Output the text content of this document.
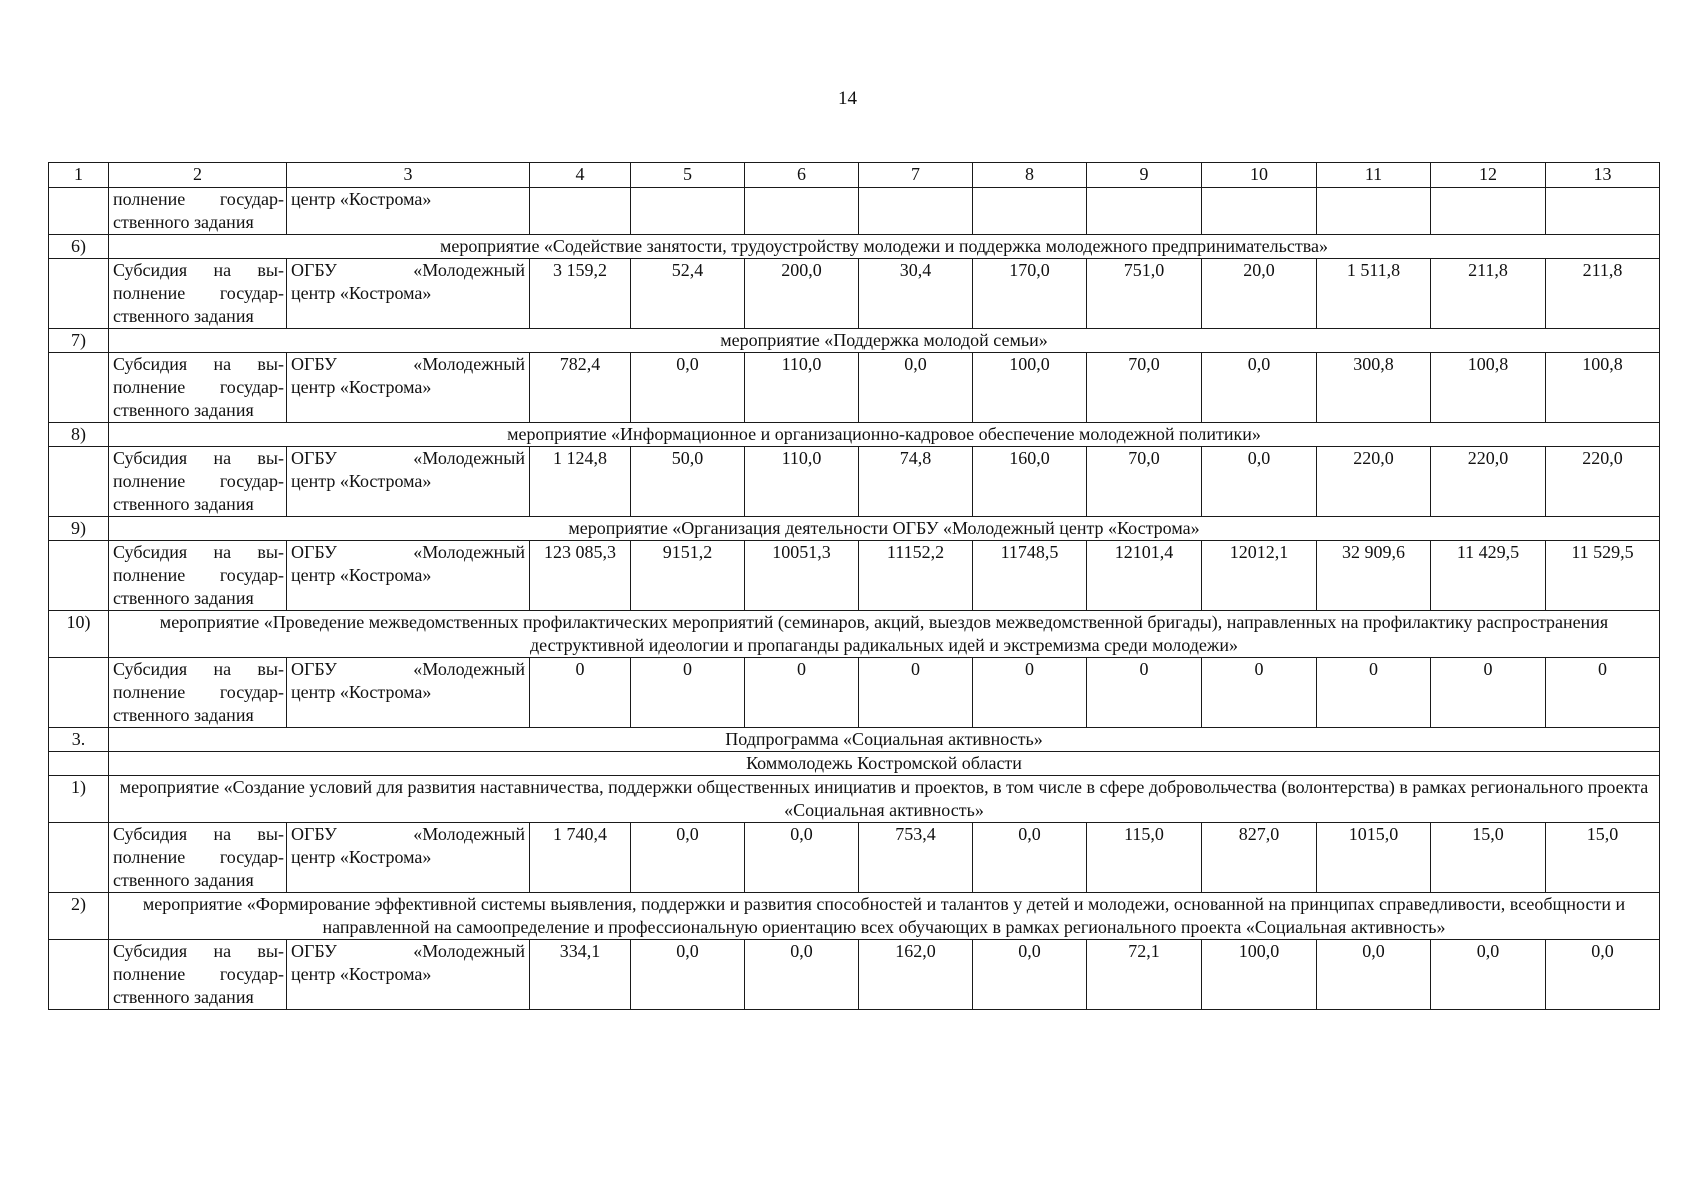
14
1	2	3	4	5	6	7	8	9	10	11	12	13

	полнение государ-
ственного задания	центр «Кострома»										
6)	мероприятие «Содействие занятости, трудоустройству молодежи и поддержка молодежного предпринимательства»											

	Субсидия на вы-
полнение государ-
ственного задания	ОГБУ «Молодежный
центр «Кострома»	3 159,2	52,4	200,0	30,4	170,0	751,0	20,0	1 511,8	211,8	211,8
7)	мероприятие «Поддержка молодой семьи»											

	Субсидия на вы-
полнение государ-
ственного задания	ОГБУ «Молодежный
центр «Кострома»	782,4	0,0	110,0	0,0	100,0	70,0	0,0	300,8	100,8	100,8
8)	мероприятие «Информационное и организационно-кадровое обеспечение молодежной политики»											

	Субсидия на вы-
полнение государ-
ственного задания	ОГБУ «Молодежный
центр «Кострома»	1 124,8	50,0	110,0	74,8	160,0	70,0	0,0	220,0	220,0	220,0
9)	мероприятие «Организация деятельности ОГБУ «Молодежный центр «Кострома»											

	Субсидия на вы-
полнение государ-
ственного задания	ОГБУ «Молодежный
центр «Кострома»	123 085,3	9151,2	10051,3	11152,2	11748,5	12101,4	12012,1	32 909,6	11 429,5	11 529,5
10)	мероприятие «Проведение межведомственных профилактических мероприятий (семинаров, акций, выездов межведомственной бригады), направленных на профилактику распространения деструктивной идеологии и пропаганды радикальных идей и экстремизма среди молодежи»											

	Субсидия на вы-
полнение государ-
ственного задания	ОГБУ «Молодежный
центр «Кострома»	0	0	0	0	0	0	0	0	0	0
3.	Подпрограмма «Социальная активность»											
	Коммолодежь Костромской области											
1)	мероприятие «Создание условий для развития наставничества, поддержки общественных инициатив и проектов, в том числе в сфере добровольчества (волонтерства) в рамках регионального проекта «Социальная активность»											

	Субсидия на вы-
полнение государ-
ственного задания	ОГБУ «Молодежный
центр «Кострома»	1 740,4	0,0	0,0	753,4	0,0	115,0	827,0	1015,0	15,0	15,0
2)	мероприятие «Формирование эффективной системы выявления, поддержки и развития способностей и талантов у детей и молодежи, основанной на принципах справедливости, всеобщности и направленной на самоопределение и профессиональную ориентацию всех обучающих в рамках регионального проекта «Социальная активность»											

	Субсидия на вы-
полнение государ-
ственного задания	ОГБУ «Молодежный
центр «Кострома»	334,1	0,0	0,0	162,0	0,0	72,1	100,0	0,0	0,0	0,0
